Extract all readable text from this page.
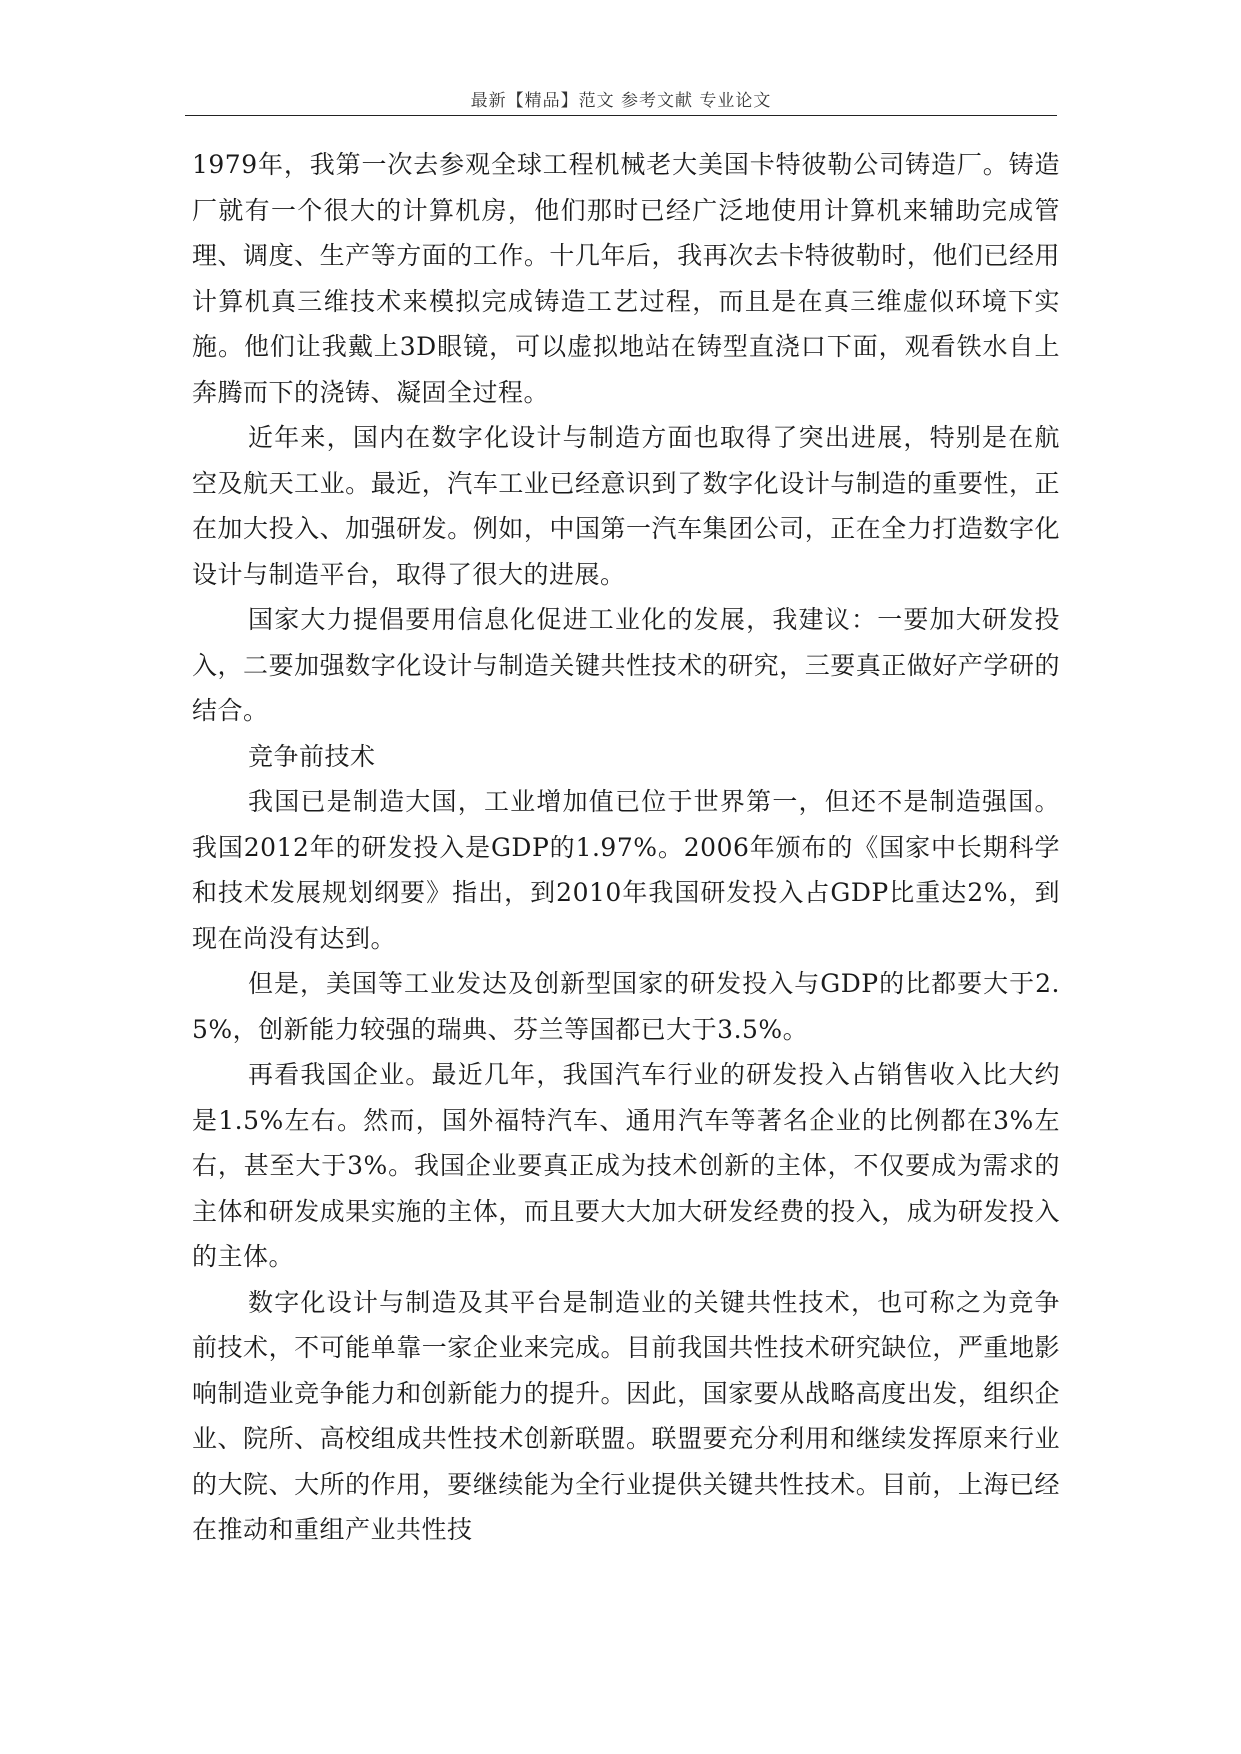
最新【精品】范文 参考文献 专业论文

1979年，我第一次去参观全球工程机械老大美国卡特彼勒公司铸造厂。铸造厂就有一个很大的计算机房，他们那时已经广泛地使用计算机来辅助完成管理、调度、生产等方面的工作。十几年后，我再次去卡特彼勒时，他们已经用计算机真三维技术来模拟完成铸造工艺过程，而且是在真三维虚似环境下实施。他们让我戴上3D眼镜，可以虚拟地站在铸型直浇口下面，观看铁水自上奔腾而下的浇铸、凝固全过程。

近年来，国内在数字化设计与制造方面也取得了突出进展，特别是在航空及航天工业。最近，汽车工业已经意识到了数字化设计与制造的重要性，正在加大投入、加强研发。例如，中国第一汽车集团公司，正在全力打造数字化设计与制造平台，取得了很大的进展。

国家大力提倡要用信息化促进工业化的发展，我建议：一要加大研发投入，二要加强数字化设计与制造关键共性技术的研究，三要真正做好产学研的结合。

竞争前技术

我国已是制造大国，工业增加值已位于世界第一，但还不是制造强国。我国2012年的研发投入是GDP的1.97%。2006年颁布的《国家中长期科学和技术发展规划纲要》指出，到2010年我国研发投入占GDP比重达2%，到现在尚没有达到。

但是，美国等工业发达及创新型国家的研发投入与GDP的比都要大于2.5%，创新能力较强的瑞典、芬兰等国都已大于3.5%。

再看我国企业。最近几年，我国汽车行业的研发投入占销售收入比大约是1.5%左右。然而，国外福特汽车、通用汽车等著名企业的比例都在3%左右，甚至大于3%。我国企业要真正成为技术创新的主体，不仅要成为需求的主体和研发成果实施的主体，而且要大大加大研发经费的投入，成为研发投入的主体。

数字化设计与制造及其平台是制造业的关键共性技术，也可称之为竞争前技术，不可能单靠一家企业来完成。目前我国共性技术研究缺位，严重地影响制造业竞争能力和创新能力的提升。因此，国家要从战略高度出发，组织企业、院所、高校组成共性技术创新联盟。联盟要充分利用和继续发挥原来行业的大院、大所的作用，要继续能为全行业提供关键共性技术。目前，上海已经在推动和重组产业共性技
